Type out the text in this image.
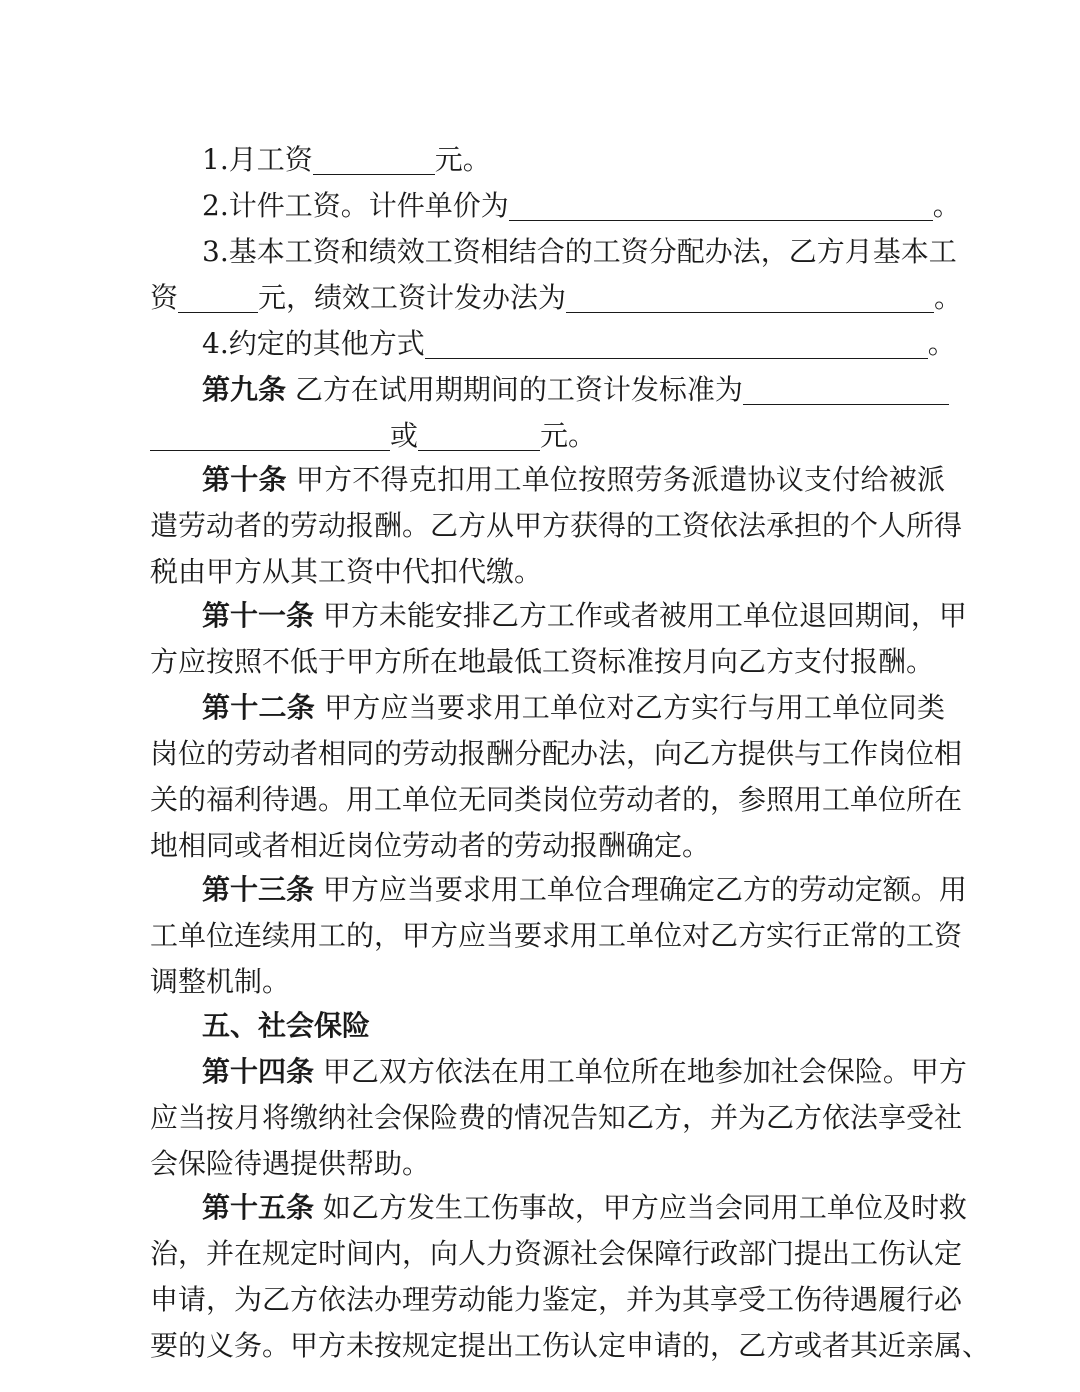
1.月工资	元。
2.计件工资。计件单价为	。
3.基本工资和绩效工资相结合的工资分配办法，乙方月基本工
资	元，绩效工资计发办法为	。
4.约定的其他方式	。
第九条 乙方在试用期期间的工资计发标准为
或	元。
第十条 甲方不得克扣用工单位按照劳务派遣协议支付给被派
遣劳动者的劳动报酬。乙方从甲方获得的工资依法承担的个人所得
税由甲方从其工资中代扣代缴。
第十一条 甲方未能安排乙方工作或者被用工单位退回期间，甲
方应按照不低于甲方所在地最低工资标准按月向乙方支付报酬。
第十二条 甲方应当要求用工单位对乙方实行与用工单位同类
岗位的劳动者相同的劳动报酬分配办法，向乙方提供与工作岗位相
关的福利待遇。用工单位无同类岗位劳动者的，参照用工单位所在
地相同或者相近岗位劳动者的劳动报酬确定。
第十三条 甲方应当要求用工单位合理确定乙方的劳动定额。用
工单位连续用工的，甲方应当要求用工单位对乙方实行正常的工资
调整机制。
五、社会保险
第十四条 甲乙双方依法在用工单位所在地参加社会保险。甲方
应当按月将缴纳社会保险费的情况告知乙方，并为乙方依法享受社
会保险待遇提供帮助。
第十五条 如乙方发生工伤事故，甲方应当会同用工单位及时救
治，并在规定时间内，向人力资源社会保障行政部门提出工伤认定
申请，为乙方依法办理劳动能力鉴定，并为其享受工伤待遇履行必
要的义务。甲方未按规定提出工伤认定申请的，乙方或者其近亲属、
